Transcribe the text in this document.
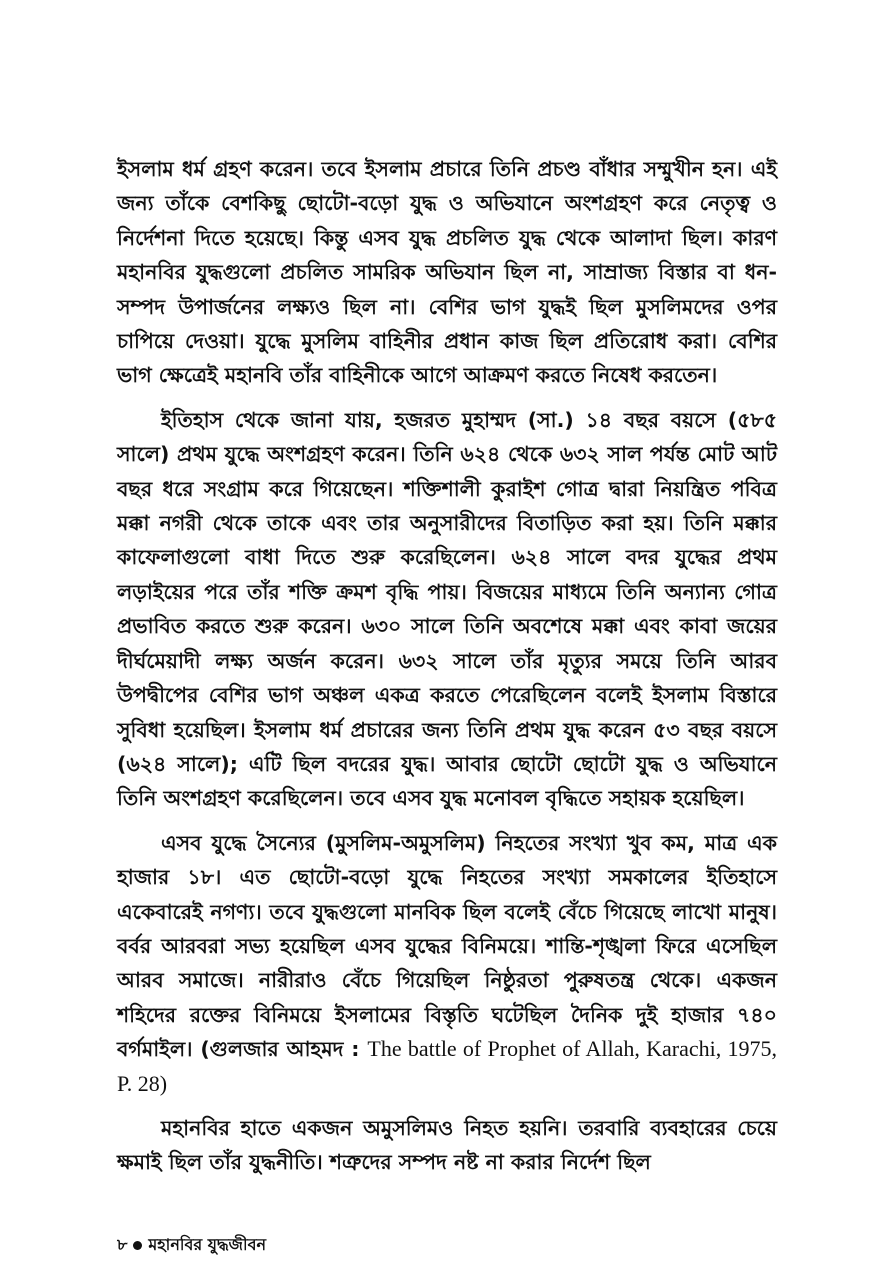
ইসলাম ধর্ম গ্রহণ করেন। তবে ইসলাম প্রচারে তিনি প্রচণ্ড বাঁধার সম্মুখীন হন। এই জন্য তাঁকে বেশকিছু ছোটো-বড়ো যুদ্ধ ও অভিযানে অংশগ্রহণ করে নেতৃত্ব ও নির্দেশনা দিতে হয়েছে। কিন্তু এসব যুদ্ধ প্রচলিত যুদ্ধ থেকে আলাদা ছিল। কারণ মহানবির যুদ্ধগুলো প্রচলিত সামরিক অভিযান ছিল না, সাম্রাজ্য বিস্তার বা ধন-সম্পদ উপার্জনের লক্ষ্যও ছিল না। বেশির ভাগ যুদ্ধই ছিল মুসলিমদের ওপর চাপিয়ে দেওয়া। যুদ্ধে মুসলিম বাহিনীর প্রধান কাজ ছিল প্রতিরোধ করা। বেশির ভাগ ক্ষেত্রেই মহানবি তাঁর বাহিনীকে আগে আক্রমণ করতে নিষেধ করতেন।

ইতিহাস থেকে জানা যায়, হজরত মুহাম্মদ (সা.) ১৪ বছর বয়সে (৫৮৫ সালে) প্রথম যুদ্ধে অংশগ্রহণ করেন। তিনি ৬২৪ থেকে ৬৩২ সাল পর্যন্ত মোট আট বছর ধরে সংগ্রাম করে গিয়েছেন। শক্তিশালী কুরাইশ গোত্র দ্বারা নিয়ন্ত্রিত পবিত্র মক্কা নগরী থেকে তাকে এবং তার অনুসারীদের বিতাড়িত করা হয়। তিনি মক্কার কাফেলাগুলো বাধা দিতে শুরু করেছিলেন। ৬২৪ সালে বদর যুদ্ধের প্রথম লড়াইয়ের পরে তাঁর শক্তি ক্রমশ বৃদ্ধি পায়। বিজয়ের মাধ্যমে তিনি অন্যান্য গোত্র প্রভাবিত করতে শুরু করেন। ৬৩০ সালে তিনি অবশেষে মক্কা এবং কাবা জয়ের দীর্ঘমেয়াদী লক্ষ্য অর্জন করেন। ৬৩২ সালে তাঁর মৃত্যুর সময়ে তিনি আরব উপদ্বীপের বেশির ভাগ অঞ্চল একত্র করতে পেরেছিলেন বলেই ইসলাম বিস্তারে সুবিধা হয়েছিল। ইসলাম ধর্ম প্রচারের জন্য তিনি প্রথম যুদ্ধ করেন ৫৩ বছর বয়সে (৬২৪ সালে); এটি ছিল বদরের যুদ্ধ। আবার ছোটো ছোটো যুদ্ধ ও অভিযানে তিনি অংশগ্রহণ করেছিলেন। তবে এসব যুদ্ধ মনোবল বৃদ্ধিতে সহায়ক হয়েছিল।

এসব যুদ্ধে সৈন্যের (মুসলিম-অমুসলিম) নিহতের সংখ্যা খুব কম, মাত্র এক হাজার ১৮। এত ছোটো-বড়ো যুদ্ধে নিহতের সংখ্যা সমকালের ইতিহাসে একেবারেই নগণ্য। তবে যুদ্ধগুলো মানবিক ছিল বলেই বেঁচে গিয়েছে লাখো মানুষ। বর্বর আরবরা সভ্য হয়েছিল এসব যুদ্ধের বিনিময়ে। শান্তি-শৃঙ্খলা ফিরে এসেছিল আরব সমাজে। নারীরাও বেঁচে গিয়েছিল নিষ্ঠুরতা পুরুষতন্ত্র থেকে। একজন শহিদের রক্তের বিনিময়ে ইসলামের বিস্তৃতি ঘটেছিল দৈনিক দুই হাজার ৭৪০ বর্গমাইল। (গুলজার আহমদ : The battle of Prophet of Allah, Karachi, 1975, P. 28)

মহানবির হাতে একজন অমুসলিমও নিহত হয়নি। তরবারি ব্যবহারের চেয়ে ক্ষমাই ছিল তাঁর যুদ্ধনীতি। শত্রুদের সম্পদ নষ্ট না করার নির্দেশ ছিল

৮ মহানবির যুদ্ধজীবন
